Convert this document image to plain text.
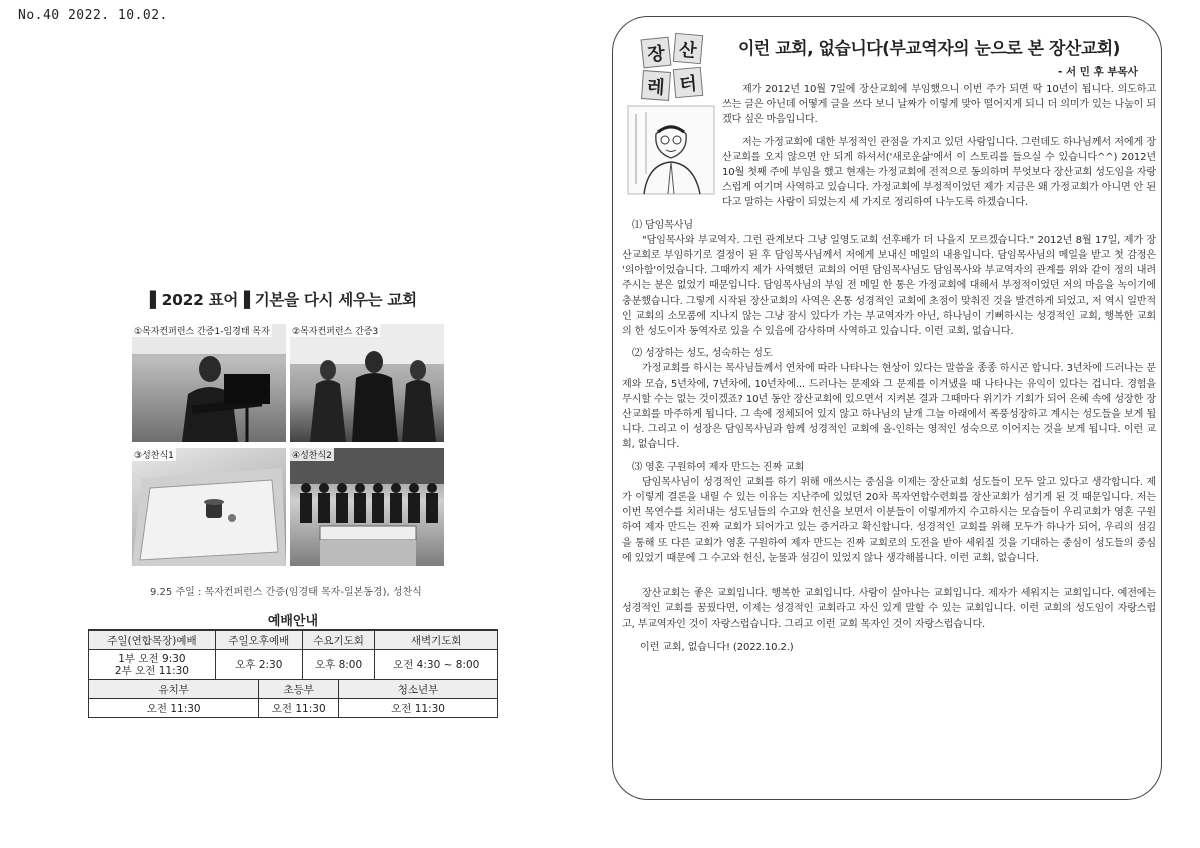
No.40 2022. 10.02.
▌2022 표어▐ 기본을 다시 세우는 교회
①목자컨퍼런스 간증1-임경태 목자 ②목자컨퍼런스 간증3
③성찬식1	④성찬식2
9.25 주일 : 목자컨퍼런스 간증(임경태 목자-일본동경), 성찬식
예배안내					
주일(연합목장)예배	주일오후예배		수요기도회		새벽기도회
1부 오전 9:30
2부 오전 11:30	오후 2:30		오후 8:00		오전 4:30 ~ 8:00
유치부		초등부		청소년부	
오전 11:30		오전 11:30		오전 11:30	
장 산
레 터
이런 교회, 없습니다(부교역자의 눈으로 본 장산교회)
- 서 민 후 부목사

제가 2012년 10월 7일에 장산교회에 부임했으니 이번 주가 되면 딱 10년이 됩니다. 의도하고 쓰는 글은 아닌데 어떻게 글을 쓰다 보니 날짜가 이렇게 맞아 떨어지게 되니 더 의미가 있는 나눔이 되겠다 싶은 마음입니다.

저는 가정교회에 대한 부정적인 관점을 가지고 있던 사람입니다. 그런데도 하나님께서 저에게 장산교회를 오지 않으면 안 되게 하셔서('새로운삶'에서 이 스토리를 들으실 수 있습니다^^) 2012년 10월 첫째 주에 부임을 했고 현재는 가정교회에 전적으로 동의하며 무엇보다 장산교회 성도임을 자랑스럽게 여기며 사역하고 있습니다. 가정교회에 부정적이었던 제가 지금은 왜 가정교회가 아니면 안 된다고 말하는 사람이 되었는지 세 가지로 정리하여 나누도록 하겠습니다.

⑴ 담임목사님

"담임목사와 부교역자. 그런 관계보다 그냥 일영도교회 선후배가 더 나을지 모르겠습니다." 2012년 8월 17일, 제가 장산교회로 부임하기로 결정이 된 후 담임목사님께서 저에게 보내신 메일의 내용입니다. 담임목사님의 메일을 받고 첫 감정은 '의아함'이었습니다. 그때까지 제가 사역했던 교회의 어떤 담임목사님도 담임목사와 부교역자의 관계를 위와 같이 정의 내려주시는 분은 없었기 때문입니다. 담임목사님의 부임 전 메일 한 통은 가정교회에 대해서 부정적이었던 저의 마음을 녹이기에 충분했습니다. 그렇게 시작된 장산교회의 사역은 온통 성경적인 교회에 초점이 맞춰진 것을 발견하게 되었고, 저 역시 일반적인 교회의 소모품에 지나지 않는 그냥 잠시 있다가 가는 부교역자가 아닌, 하나님이 기뻐하시는 성경적인 교회, 행복한 교회의 한 성도이자 동역자로 있을 수 있음에 감사하며 사역하고 있습니다. 이런 교회, 없습니다.

⑵ 성장하는 성도, 성숙하는 성도

가정교회를 하시는 목사님들께서 연차에 따라 나타나는 현상이 있다는 말씀을 종종 하시곤 합니다. 3년차에 드러나는 문제와 모습, 5년차에, 7년차에, 10년차에... 드러나는 문제와 그 문제를 이겨냈을 때 나타나는 유익이 있다는 겁니다. 경험을 무시할 수는 없는 것이겠죠? 10년 동안 장산교회에 있으면서 지켜본 결과 그때마다 위기가 기회가 되어 은혜 속에 성장한 장산교회를 마주하게 됩니다. 그 속에 정체되어 있지 않고 하나님의 날개 그늘 아래에서 폭풍성장하고 계시는 성도들을 보게 됩니다. 그리고 이 성장은 담임목사님과 함께 성경적인 교회에 올-인하는 영적인 성숙으로 이어지는 것을 보게 됩니다. 이런 교회, 없습니다.

⑶ 영혼 구원하여 제자 만드는 진짜 교회

담임목사님이 성경적인 교회를 하기 위해 애쓰시는 중심을 이제는 장산교회 성도들이 모두 알고 있다고 생각합니다. 제가 이렇게 결론을 내릴 수 있는 이유는 지난주에 있었던 20차 목자연합수련회를 장산교회가 섬기게 된 것 때문입니다. 저는 이번 목연수를 치러내는 성도님들의 수고와 헌신을 보면서 이분들이 이렇게까지 수고하시는 모습들이 우리교회가 영혼 구원하여 제자 만드는 진짜 교회가 되어가고 있는 증거라고 확신합니다. 성경적인 교회를 위해 모두가 하나가 되어, 우리의 섬김을 통해 또 다른 교회가 영혼 구원하여 제자 만드는 진짜 교회로의 도전을 받아 세워질 것을 기대하는 중심이 성도들의 중심에 있었기 때문에 그 수고와 헌신, 눈물과 섬김이 있었지 않나 생각해봅니다. 이런 교회, 없습니다.

장산교회는 좋은 교회입니다. 행복한 교회입니다. 사람이 살아나는 교회입니다. 제자가 세워지는 교회입니다. 예전에는 성경적인 교회를 꿈꿨다면, 이제는 성경적인 교회라고 자신 있게 말할 수 있는 교회입니다. 이런 교회의 성도임이 자랑스럽고, 부교역자인 것이 자랑스럽습니다. 그리고 이런 교회 목자인 것이 자랑스럽습니다.

이런 교회, 없습니다! (2022.10.2.)
